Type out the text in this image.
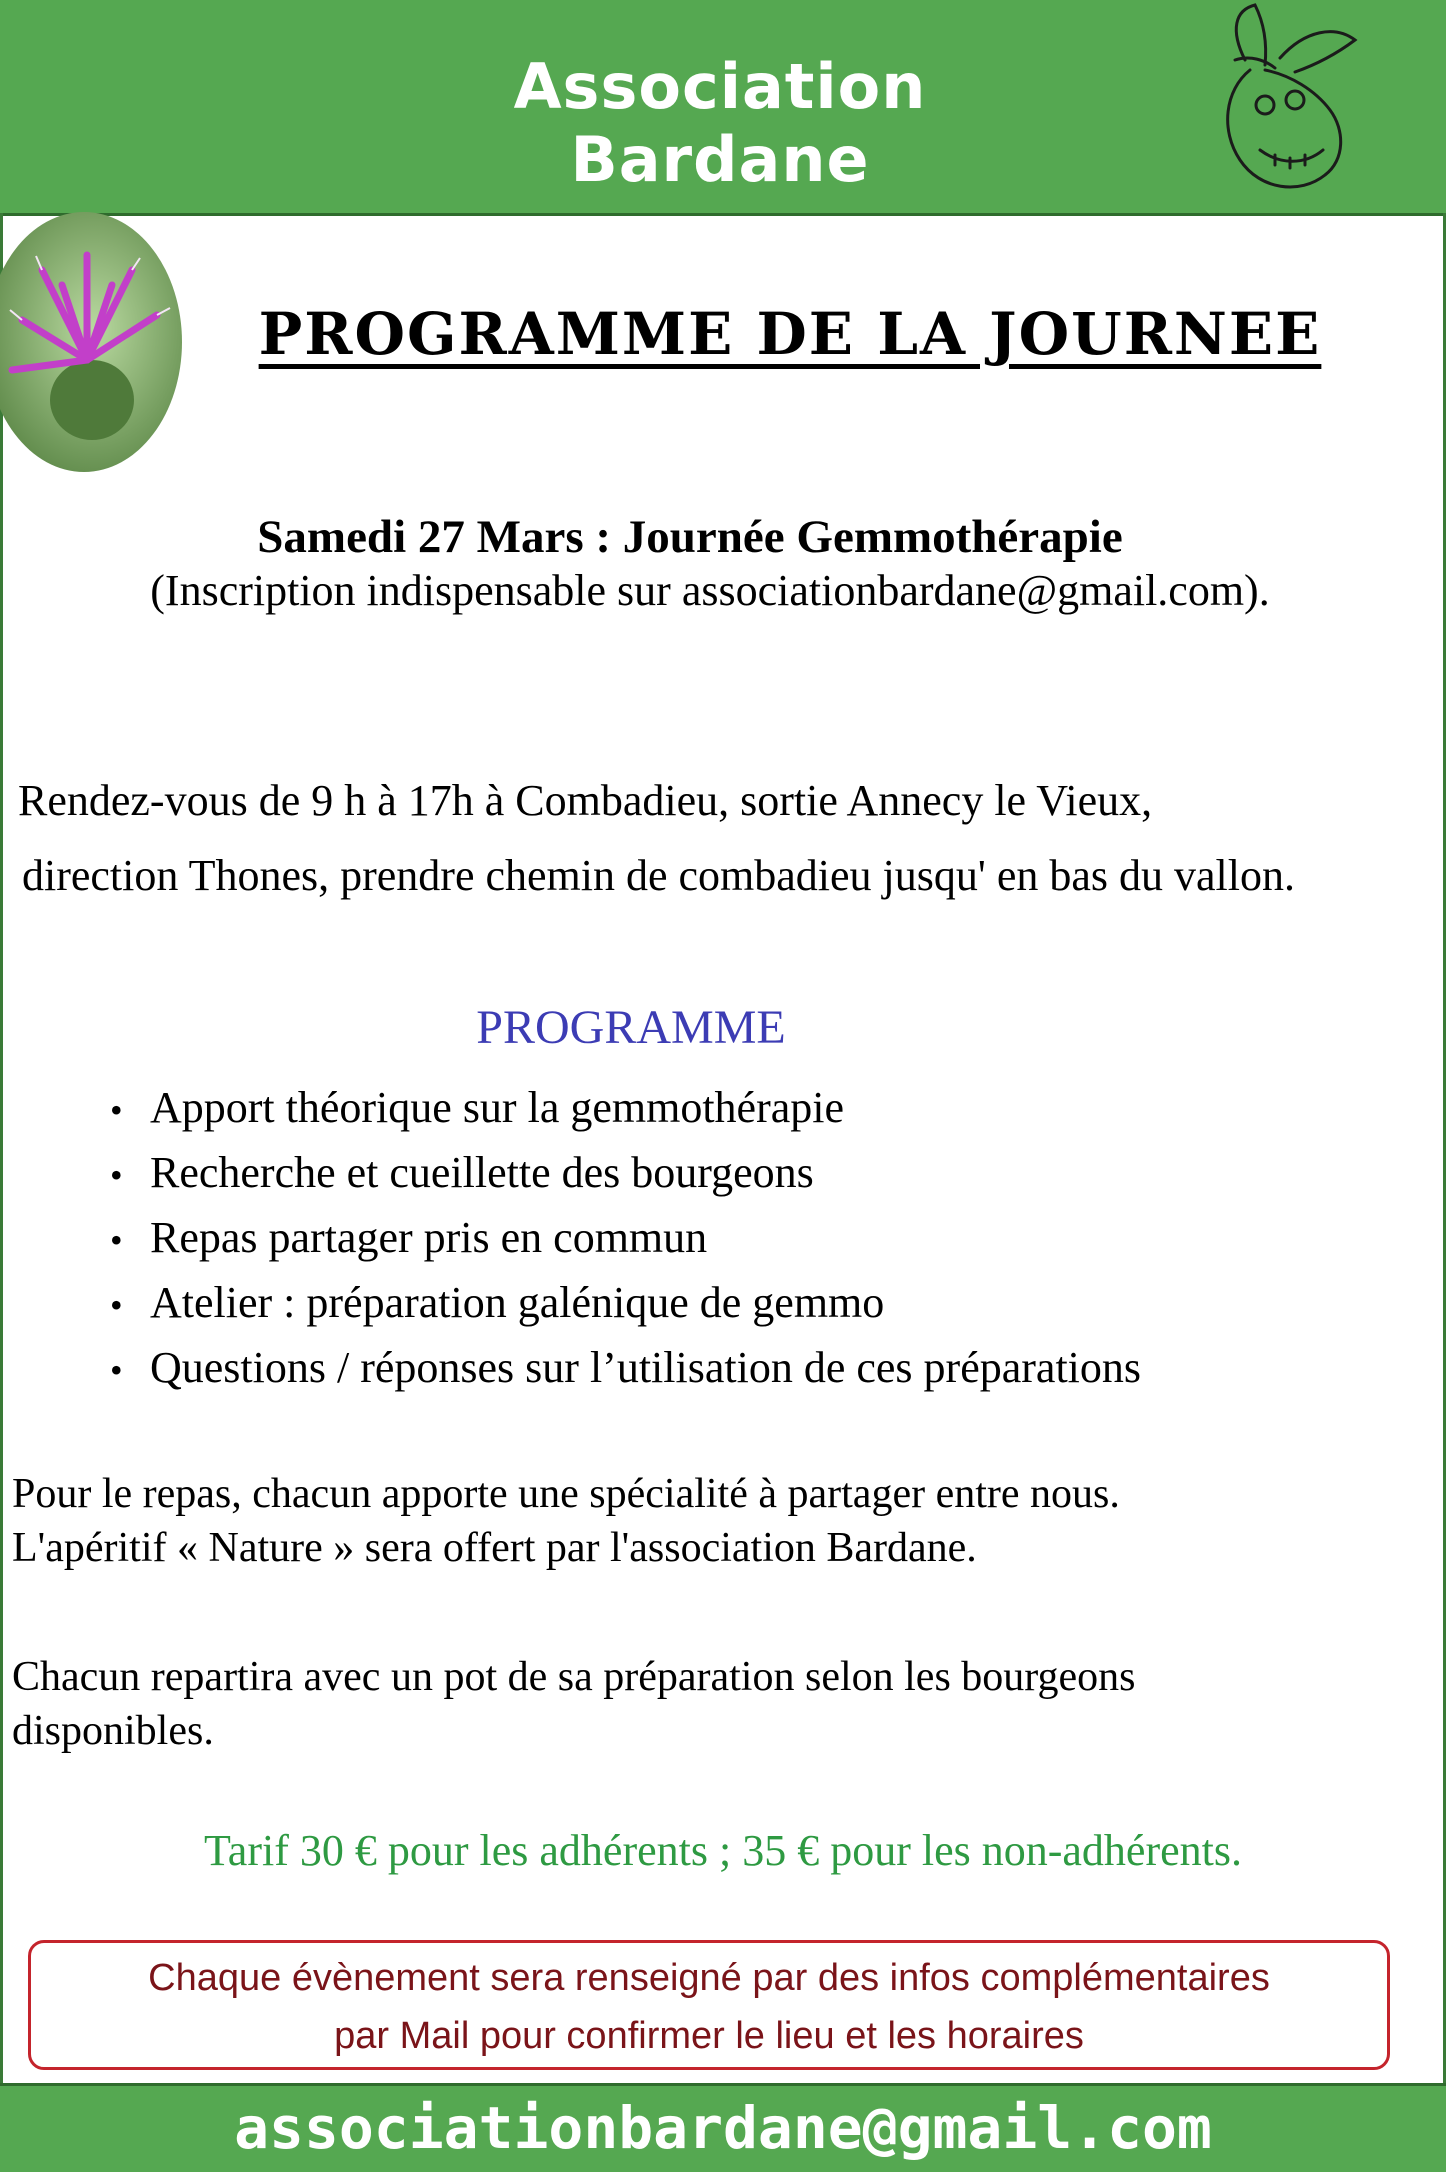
Association Bardane
PROGRAMME DE LA JOURNEE
Samedi 27 Mars : Journée Gemmothérapie
(Inscription indispensable sur associationbardane@gmail.com).
Rendez-vous de 9 h à 17h à Combadieu, sortie Annecy le Vieux,
direction Thones, prendre chemin de combadieu jusqu' en bas du vallon.
PROGRAMME
• Apport théorique sur la gemmothérapie
• Recherche et cueillette des bourgeons
• Repas partager pris en commun
• Atelier : préparation galénique de gemmo
• Questions / réponses sur l’utilisation de ces préparations
Pour le repas, chacun apporte une spécialité à partager entre nous.
L'apéritif « Nature » sera offert par l'association Bardane.
Chacun repartira avec un pot de sa préparation selon les bourgeons
disponibles.
Tarif 30 € pour les adhérents ; 35 € pour les non-adhérents.
Chaque évènement sera renseigné par des infos complémentaires
par Mail pour confirmer le lieu et les horaires
associationbardane@gmail.com
